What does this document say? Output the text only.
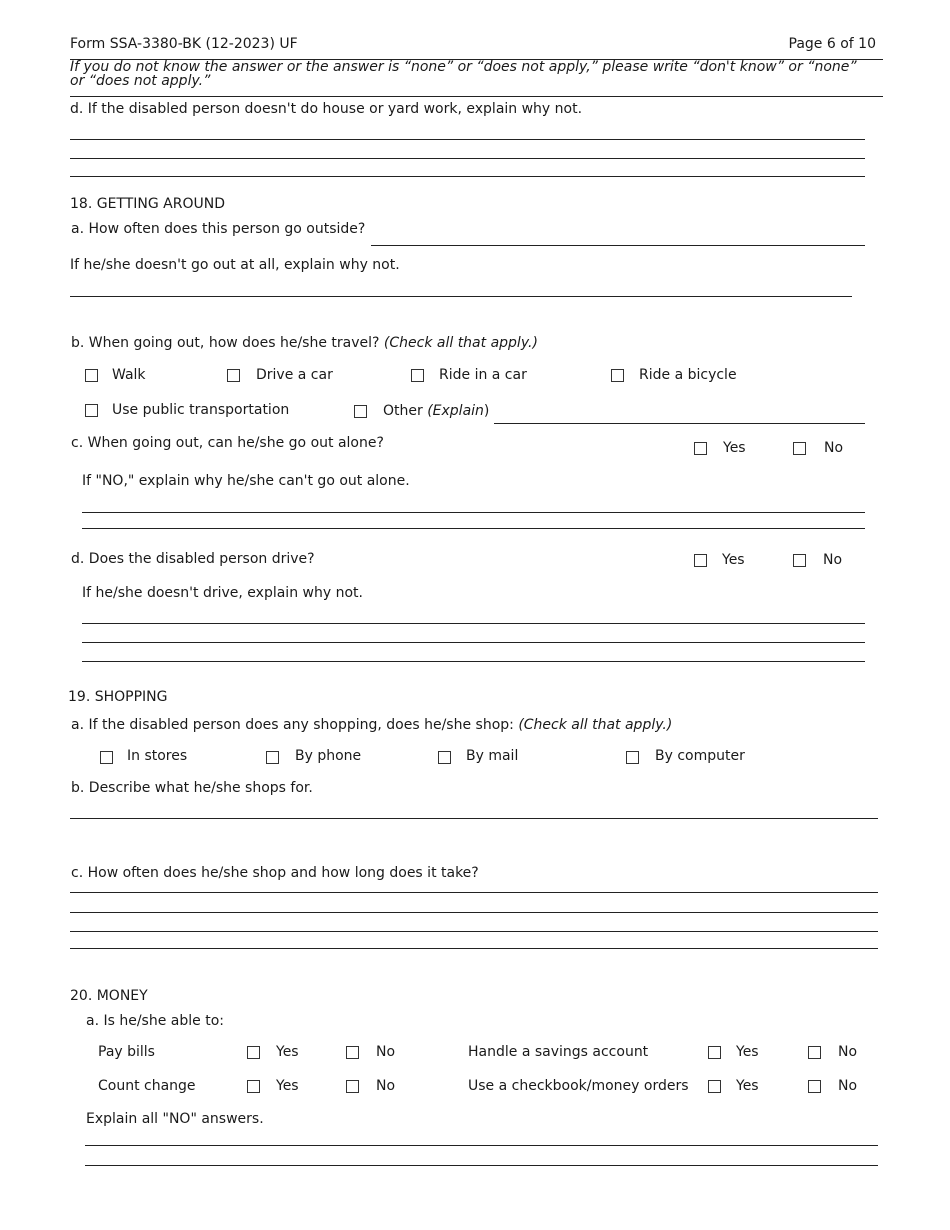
Form SSA-3380-BK (12-2023) UF	Page 6 of 10
If you do not know the answer or the answer is “none” or “does not apply,” please write “don't know” or “none” or “does not apply.”
d. If the disabled person doesn't do house or yard work, explain why not.
18. GETTING AROUND
a. How often does this person go outside?
If he/she doesn't go out at all, explain why not.
b. When going out, how does he/she travel? (Check all that apply.)
Walk	Drive a car	Ride in a car	Ride a bicycle
Use public transportation	Other (Explain)
c. When going out, can he/she go out alone?	Yes	No
If "NO," explain why he/she can't go out alone.
d. Does the disabled person drive?	Yes	No
If he/she doesn't drive, explain why not.
19. SHOPPING
a. If the disabled person does any shopping, does he/she shop: (Check all that apply.)
In stores	By phone	By mail	By computer
b. Describe what he/she shops for.
c. How often does he/she shop and how long does it take?
20. MONEY
a. Is he/she able to:
Pay bills	Yes	No	Handle a savings account	Yes	No
Count change	Yes	No	Use a checkbook/money orders	Yes	No
Explain all "NO" answers.
